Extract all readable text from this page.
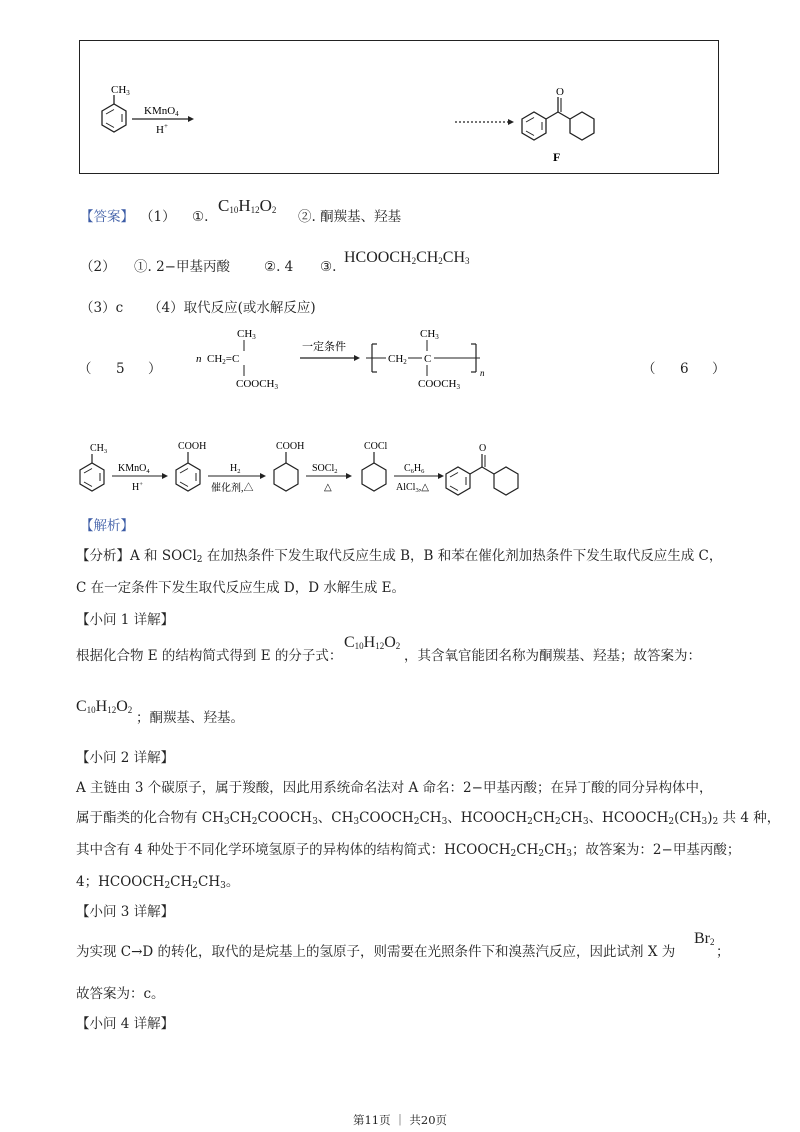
CH3
KMnO4
H+
O
F
【答案】 （1） ①.
$C_{10}H_{12}O_2$ ②. 酮羰基、羟基
（2） ①. 2−甲基丙酸	②. 4 ③.
$HCOOCH_2CH_2CH_3$
（3）c （4）取代反应(或水解反应)
（ 5 ）
n CH2=C
CH3
COOCH3
一定条件
CH2 C
CH3
COOCH3
n	（ 6 ）
$CH_3$
KMnO$_4$
H+
COOH
$H_2$
催化剂,△
COOH
SOCl$_2$
△
COCl
$C_6H_6$
AlCl$_3$,△
O
【解析】
【分析】A 和 SOCl$_2$ 在加热条件下发生取代反应生成 B，B 和苯在催化剂加热条件下发生取代反应生成 C，
C 在一定条件下发生取代反应生成 D，D 水解生成 E。
【小问 1 详解】
根据化合物 E 的结构简式得到 E 的分子式：
$C_{10}H_{12}O_2$
，其含氧官能团名称为酮羰基、羟基；故答案为：
$C_{10}H_{12}O_2$ ；酮羰基、羟基。
【小问 2 详解】
A 主链由 3 个碳原子，属于羧酸，因此用系统命名法对 A 命名：2−甲基丙酸；在异丁酸的同分异构体中，
属于酯类的化合物有 $CH_3CH_2COOCH_3$、$CH_3COOCH_2CH_3$、$HCOOCH_2CH_2CH_3$、$HCOOCH_2(CH_3)_2$ 共 4 种，
其中含有 4 种处于不同化学环境氢原子的异构体的结构简式：$HCOOCH_2CH_2CH_3$；故答案为：2−甲基丙酸；
4；$HCOOCH_2CH_2CH_3$。
【小问 3 详解】
为实现 C→D 的转化，取代的是烷基上的氢原子，则需要在光照条件下和溴蒸汽反应，因此试剂 X 为
$Br_2$
；
故答案为：c。
【小问 4 详解】
第11页 ｜ 共20页
